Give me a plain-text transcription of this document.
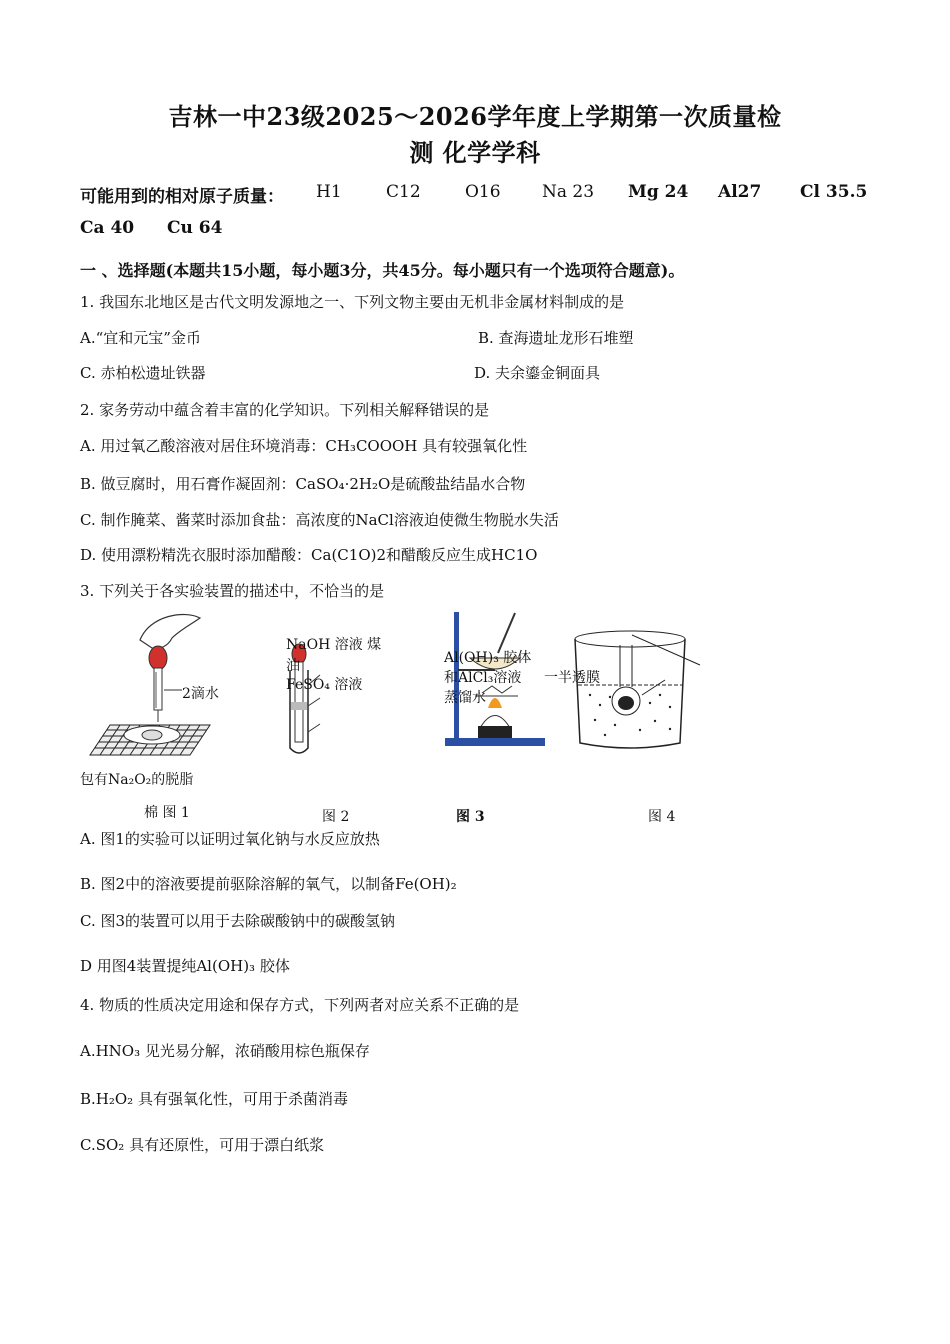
吉林一中23级2025～2026学年度上学期第一次质量检
测 化学学科
可能用到的相对原子质量： H1	C12	O16 Na 23 Mg 24 Al27 Cl 35.5
Ca 40 Cu 64
一 、选择题(本题共15小题，每小题3分，共45分。每小题只有一个选项符合题意)。
1. 我国东北地区是古代文明发源地之一、下列文物主要由无机非金属材料制成的是
A.“宜和元宝”金币	B. 查海遗址龙形石堆塑
C. 赤柏松遗址铁器	D. 夫余鎏金铜面具
2. 家务劳动中蕴含着丰富的化学知识。下列相关解释错误的是
A. 用过氧乙酸溶液对居住环境消毒：CH₃COOOH 具有较强氧化性
B. 做豆腐时，用石膏作凝固剂：CaSO₄·2H₂O是硫酸盐结晶水合物
C. 制作腌菜、酱菜时添加食盐：高浓度的NaCl溶液迫使微生物脱水失活
D. 使用漂粉精洗衣服时添加醋酸：Ca(C1O)2和醋酸反应生成HC1O
3. 下列关于各实验装置的描述中，不恰当的是
2滴水
包有Na₂O₂的脱脂
棉 图 1
NaOH 溶液 煤
油
FeSO₄ 溶液
图 2
Al(OH)₃ 胶体
和AlCl₃溶液
蒸馏水
图 3
一半透膜
图 4
A. 图1的实验可以证明过氧化钠与水反应放热
B. 图2中的溶液要提前驱除溶解的氧气，以制备Fe(OH)₂
C. 图3的装置可以用于去除碳酸钠中的碳酸氢钠
D 用图4装置提纯Al(OH)₃ 胶体
4. 物质的性质决定用途和保存方式，下列两者对应关系不正确的是
A.HNO₃ 见光易分解，浓硝酸用棕色瓶保存
B.H₂O₂ 具有强氧化性，可用于杀菌消毒
C.SO₂ 具有还原性，可用于漂白纸浆
